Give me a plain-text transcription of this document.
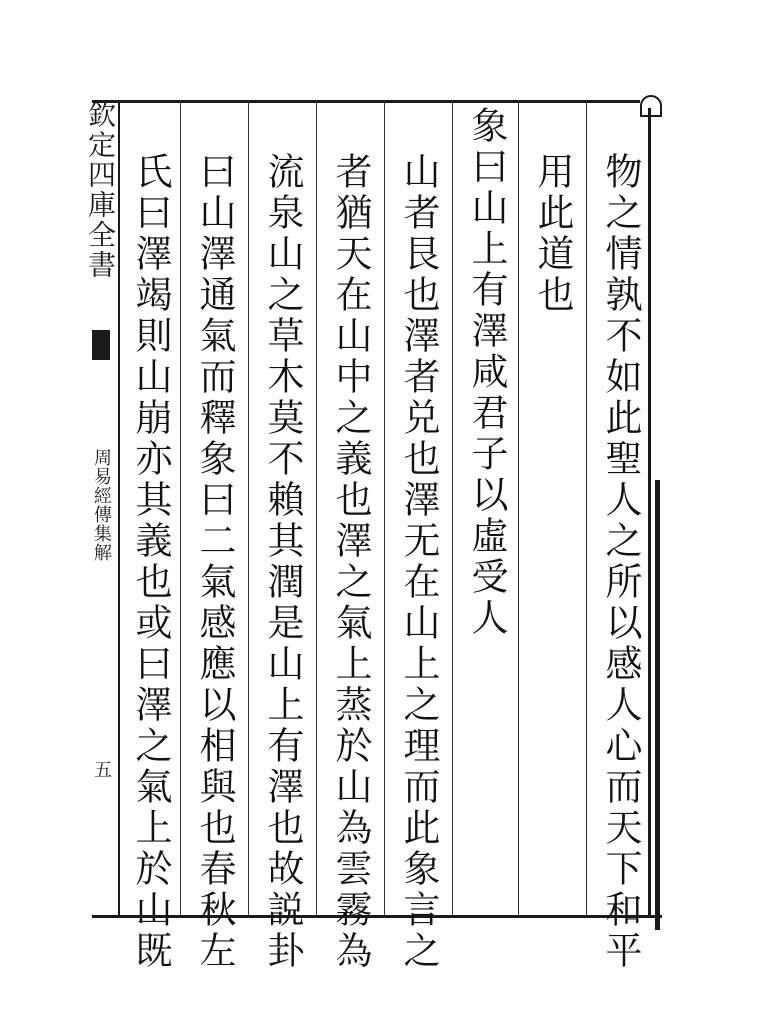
欽定四庫全書
周易經傳集解
五	物之情孰不如此聖人之所以感人心而天下和平
用此道也
象曰山上有澤咸君子以虛受人
山者艮也澤者兑也澤无在山上之理而此象言之
者猶天在山中之義也澤之氣上蒸於山為雲霧為
流泉山之草木莫不賴其潤是山上有澤也故説卦
曰山澤通氣而釋象曰二氣感應以相與也春秋左
氏曰澤竭則山崩亦其義也或曰澤之氣上於山既
